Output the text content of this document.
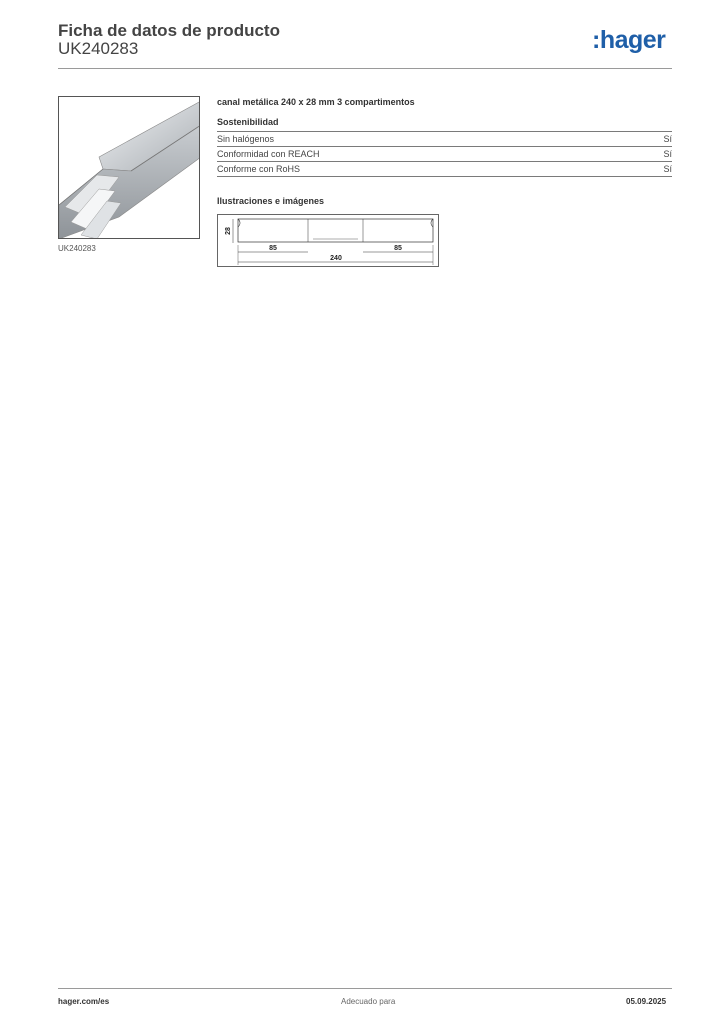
Ficha de datos de producto
UK240283	:hager
UK240283
canal metálica 240 x 28 mm 3 compartimentos
Sostenibilidad
Sin halógenos	Sí
Conformidad con REACH	Sí
Conforme con RoHS	Sí
Ilustraciones e imágenes
28
85	85
240
hager.com/es	Adecuado para	05.09.2025
